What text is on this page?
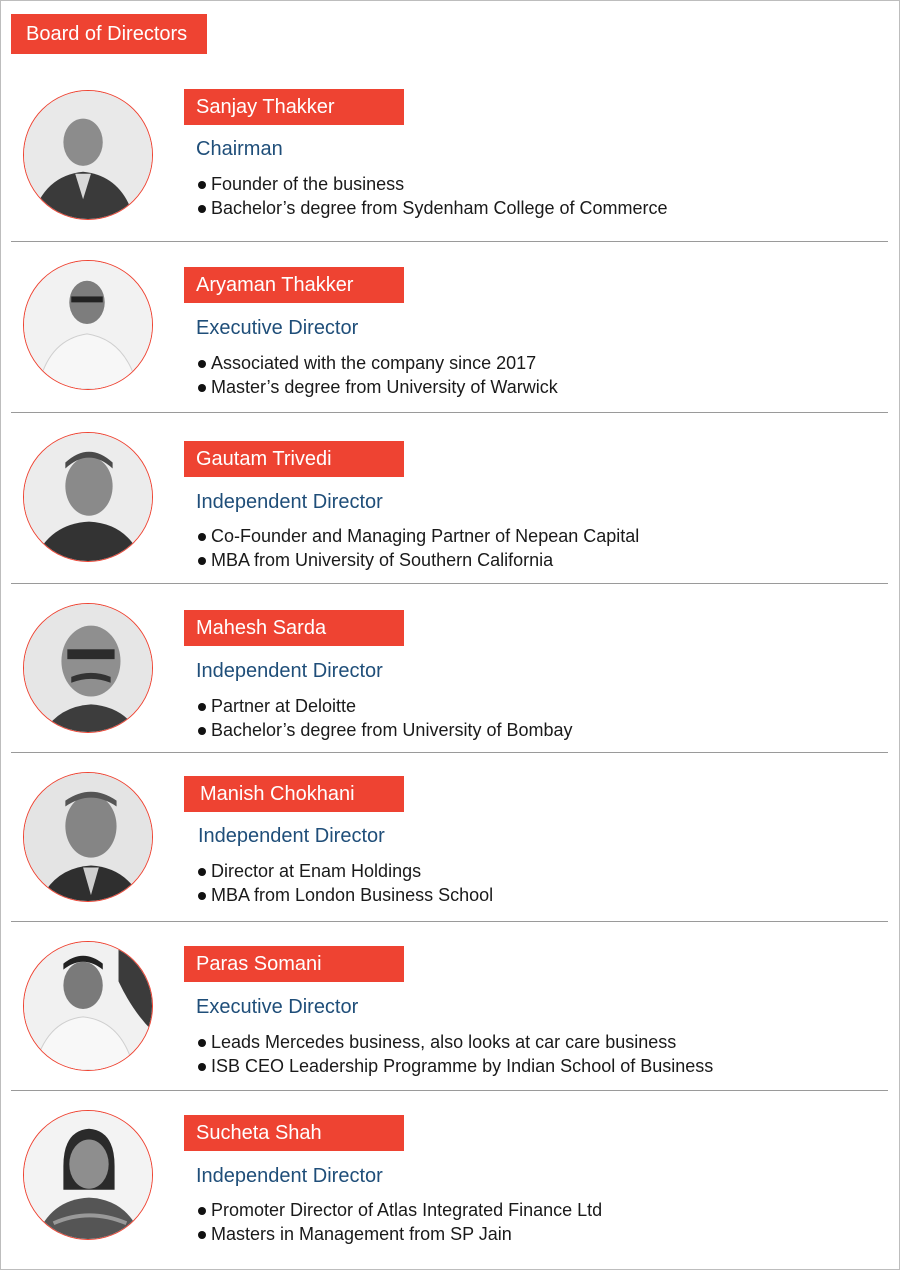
Board of Directors
Sanjay Thakker
Chairman
Founder of the business
Bachelor’s degree from Sydenham College of Commerce
Aryaman Thakker
Executive Director
Associated with the company since 2017
Master’s degree from University of Warwick
Gautam Trivedi
Independent Director
Co-Founder and Managing Partner of Nepean Capital
MBA from University of Southern California
Mahesh Sarda
Independent Director
Partner at Deloitte
Bachelor’s degree from University of Bombay
Manish Chokhani
Independent Director
Director at Enam Holdings
MBA from London Business School
Paras Somani
Executive Director
Leads Mercedes business, also looks at car care business
ISB CEO Leadership Programme by Indian School of Business
Sucheta Shah
Independent Director
Promoter Director of Atlas Integrated Finance Ltd
Masters in Management from SP Jain
